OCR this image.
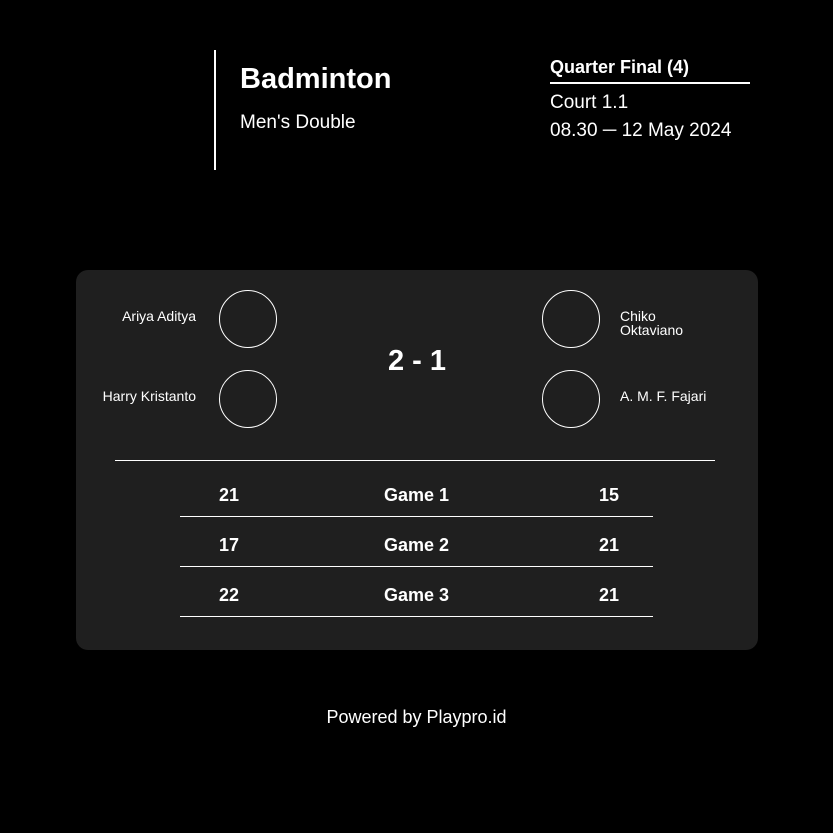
Badminton
Men's Double
Quarter Final (4)
Court 1.1
08.30 ─ 12 May 2024
Ariya Aditya
Harry Kristanto
2 - 1
Chiko
Oktaviano
A. M. F. Fajari
21	Game 1	15
17	Game 2	21
22	Game 3	21
Powered by Playpro.id
